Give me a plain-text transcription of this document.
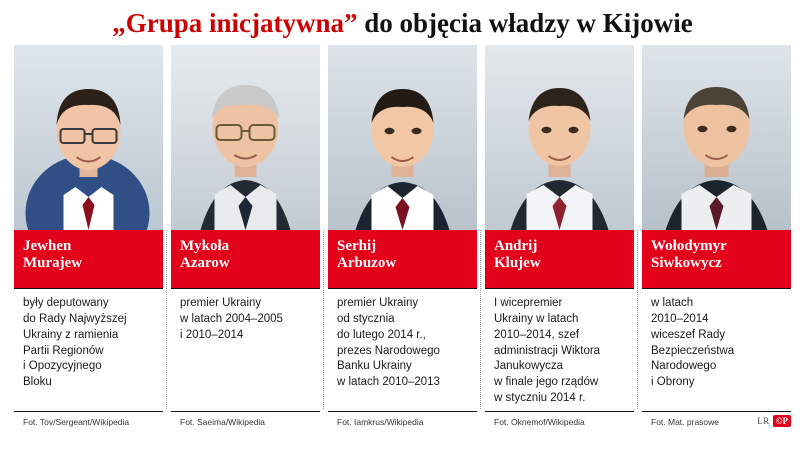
„Grupa inicjatywna” do objęcia władzy w Kijowie
Jewhen
Murajew
były deputowany
do Rady Najwyższej
Ukrainy z ramienia
Partii Regionów
i Opozycyjnego
Bloku
Fot. Tov/Sergeant/Wikipedia
Mykoła
Azarow
premier Ukrainy
w latach 2004–2005
i 2010–2014
Fot. Saeima/Wikipedia
Serhij
Arbuzow
premier Ukrainy
od stycznia
do lutego 2014 r.,
prezes Narodowego
Banku Ukrainy
w latach 2010–2013
Fot. Iamkrus/Wikipedia
Andrij
Klujew
I wicepremier
Ukrainy w latach
2010–2014, szef
administracji Wiktora
Janukowycza
w finale jego rządów
w styczniu 2014 r.
Fot. Oknemof/Wikipedia
Wołodymyr
Siwkowycz
w latach
2010–2014
wiceszef Rady
Bezpieczeństwa
Narodowego
i Obrony
Fot. Mat. prasowe	LR ©P
